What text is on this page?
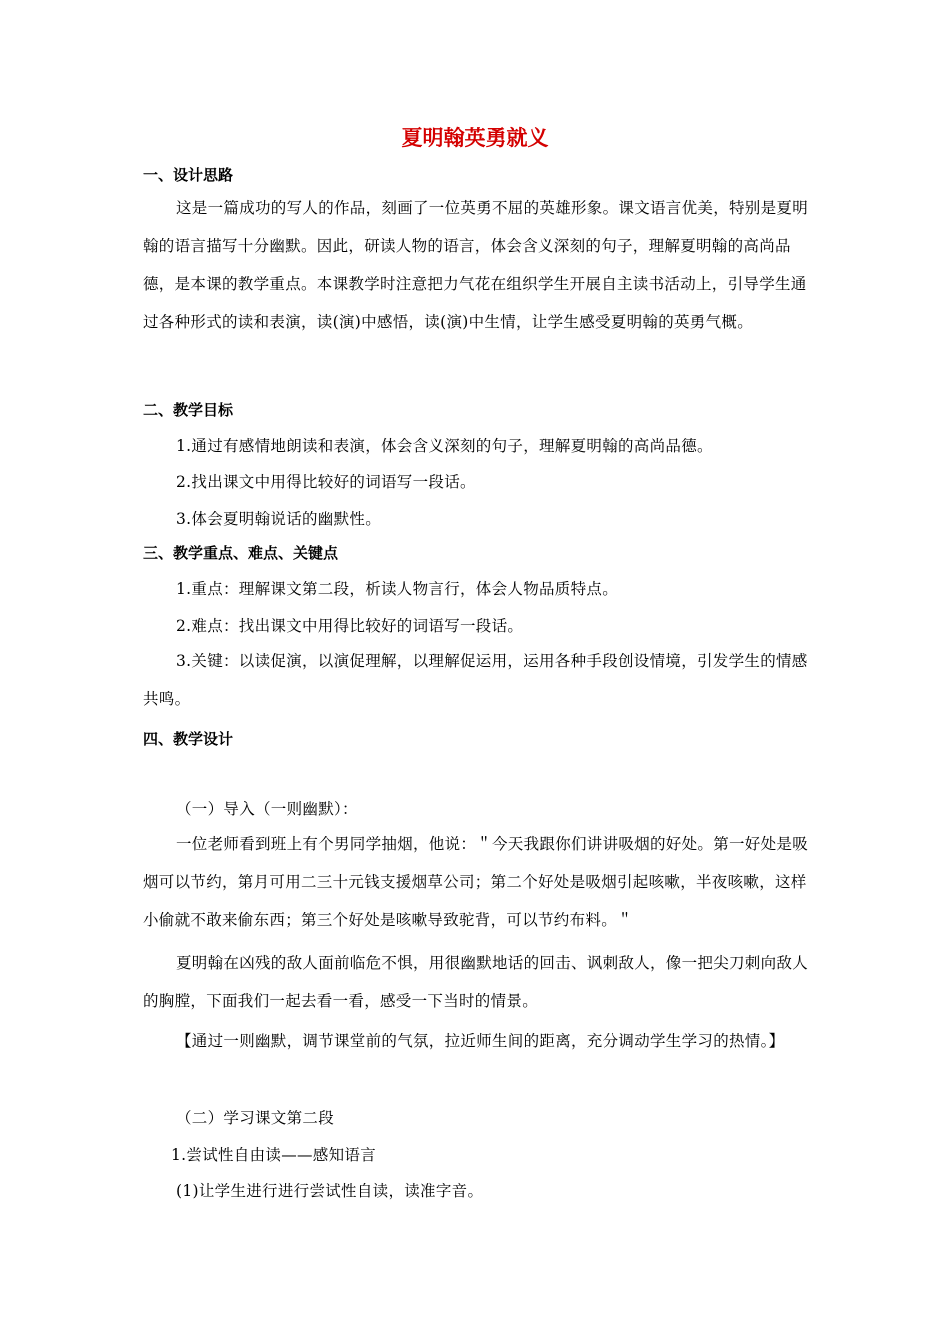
夏明翰英勇就义
一、设计思路
这是一篇成功的写人的作品，刻画了一位英勇不屈的英雄形象。课文语言优美，特别是夏明翰的语言描写十分幽默。因此，研读人物的语言，体会含义深刻的句子，理解夏明翰的高尚品德，是本课的教学重点。本课教学时注意把力气花在组织学生开展自主读书活动上，引导学生通过各种形式的读和表演，读(演)中感悟，读(演)中生情，让学生感受夏明翰的英勇气概。
二、教学目标
1.通过有感情地朗读和表演，体会含义深刻的句子，理解夏明翰的高尚品德。
2.找出课文中用得比较好的词语写一段话。
3.体会夏明翰说话的幽默性。
三、教学重点、难点、关键点
1.重点：理解课文第二段，析读人物言行，体会人物品质特点。
2.难点：找出课文中用得比较好的词语写一段话。
3.关键：以读促演，以演促理解，以理解促运用，运用各种手段创设情境，引发学生的情感共鸣。
四、教学设计
（一）导入（一则幽默）：
一位老师看到班上有个男同学抽烟，他说：＂今天我跟你们讲讲吸烟的好处。第一好处是吸烟可以节约，第月可用二三十元钱支援烟草公司；第二个好处是吸烟引起咳嗽，半夜咳嗽，这样小偷就不敢来偷东西；第三个好处是咳嗽导致驼背，可以节约布料。＂
夏明翰在凶残的敌人面前临危不惧，用很幽默地话的回击、讽刺敌人，像一把尖刀刺向敌人的胸膛，下面我们一起去看一看，感受一下当时的情景。
【通过一则幽默，调节课堂前的气氛，拉近师生间的距离，充分调动学生学习的热情。】
（二）学习课文第二段
1.尝试性自由读——感知语言
(1)让学生进行进行尝试性自读，读准字音。
